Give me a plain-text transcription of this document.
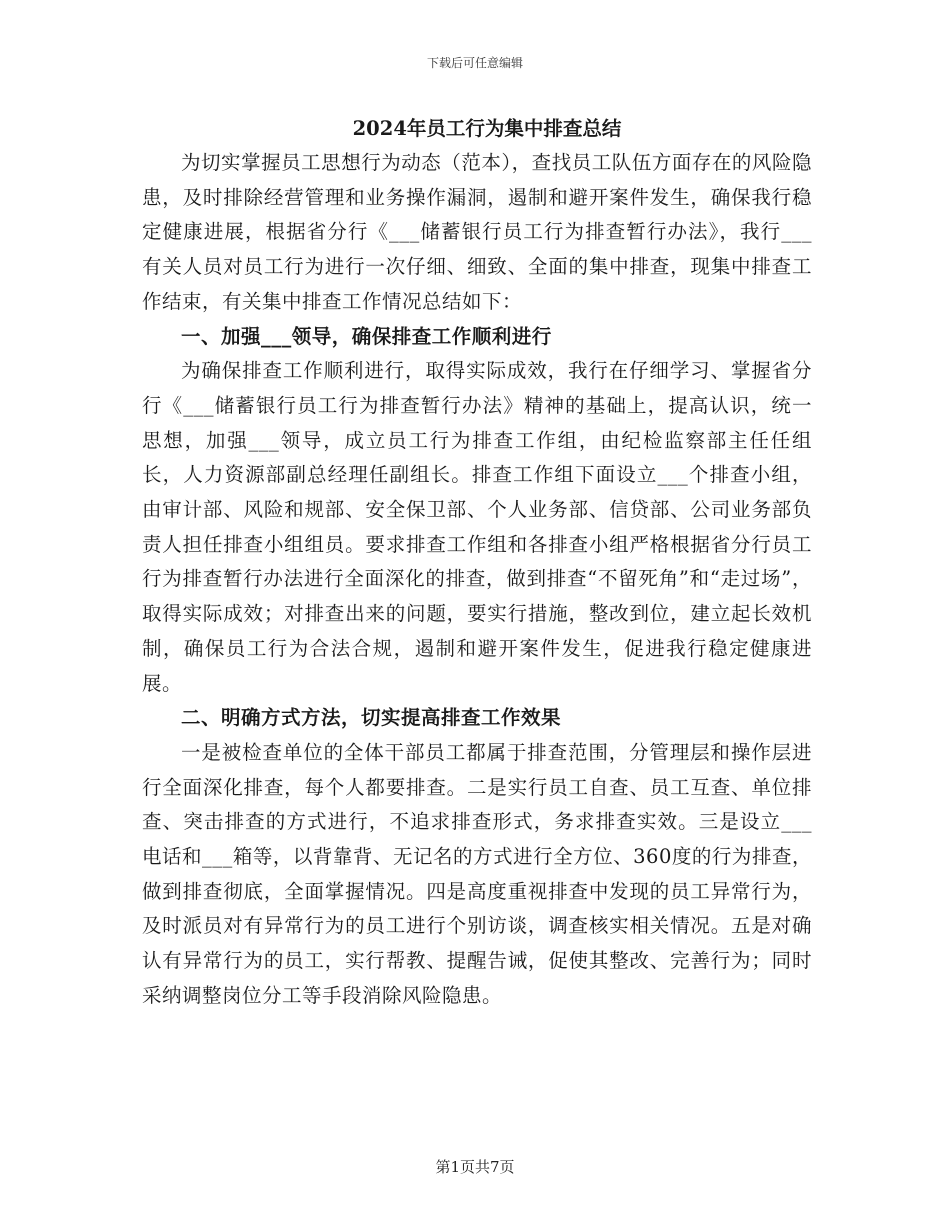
下载后可任意编辑
2024年员工行为集中排查总结

为切实掌握员工思想行为动态（范本），查找员工队伍方面存在的风险隐患，及时排除经营管理和业务操作漏洞，遏制和避开案件发生，确保我行稳定健康进展，根据省分行《___储蓄银行员工行为排查暂行办法》，我行___有关人员对员工行为进行一次仔细、细致、全面的集中排查，现集中排查工作结束，有关集中排查工作情况总结如下：

一、加强___领导，确保排查工作顺利进行

为确保排查工作顺利进行，取得实际成效，我行在仔细学习、掌握省分行《___储蓄银行员工行为排查暂行办法》精神的基础上，提高认识，统一思想，加强___领导，成立员工行为排查工作组，由纪检监察部主任任组长，人力资源部副总经理任副组长。排查工作组下面设立___个排查小组，由审计部、风险和规部、安全保卫部、个人业务部、信贷部、公司业务部负责人担任排查小组组员。要求排查工作组和各排查小组严格根据省分行员工行为排查暂行办法进行全面深化的排查，做到排查“不留死角”和“走过场”，取得实际成效；对排查出来的问题，要实行措施，整改到位，建立起长效机制，确保员工行为合法合规，遏制和避开案件发生，促进我行稳定健康进展。

二、明确方式方法，切实提高排查工作效果

一是被检查单位的全体干部员工都属于排查范围，分管理层和操作层进行全面深化排查，每个人都要排查。二是实行员工自查、员工互查、单位排查、突击排查的方式进行，不追求排查形式，务求排查实效。三是设立___电话和___箱等，以背靠背、无记名的方式进行全方位、360度的行为排查，做到排查彻底，全面掌握情况。四是高度重视排查中发现的员工异常行为，及时派员对有异常行为的员工进行个别访谈，调查核实相关情况。五是对确认有异常行为的员工，实行帮教、提醒告诫，促使其整改、完善行为；同时采纳调整岗位分工等手段消除风险隐患。

第1页共7页
